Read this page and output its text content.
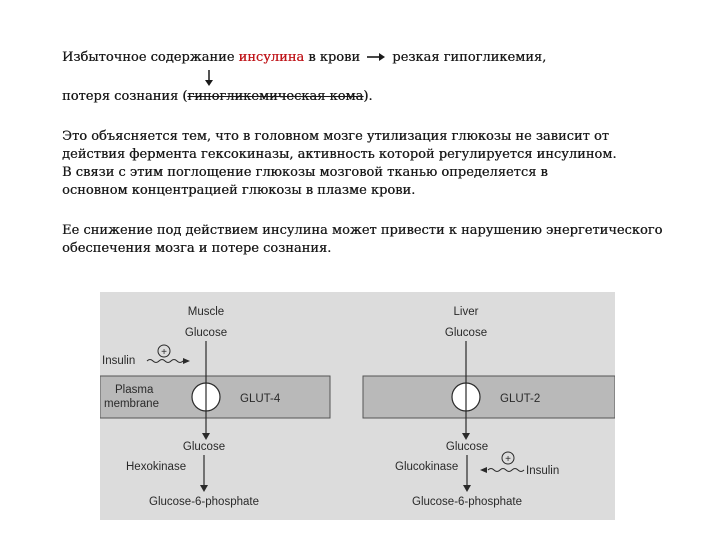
Избыточное содержание инсулина в крови  резкая гипогликемия,
потеря сознания (гипогликемическая кома).
Это объясняется тем, что в головном мозге утилизация глюкозы не зависит от
действия фермента гексокиназы, активность которой регулируется инсулином.
В связи с этим поглощение глюкозы мозговой тканью определяется в
основном концентрацией глюкозы в плазме крови.
Ее снижение под действием инсулина может привести к нарушению энергетического
обеспечения мозга и потере сознания.
Muscle
Glucose
Insulin
+
Plasma
membrane	GLUT-4
Glucose
Hexokinase
Glucose-6-phosphate
Liver
Glucose
GLUT-2
Glucose
Glucokinase
+
Insulin
Glucose-6-phosphate
